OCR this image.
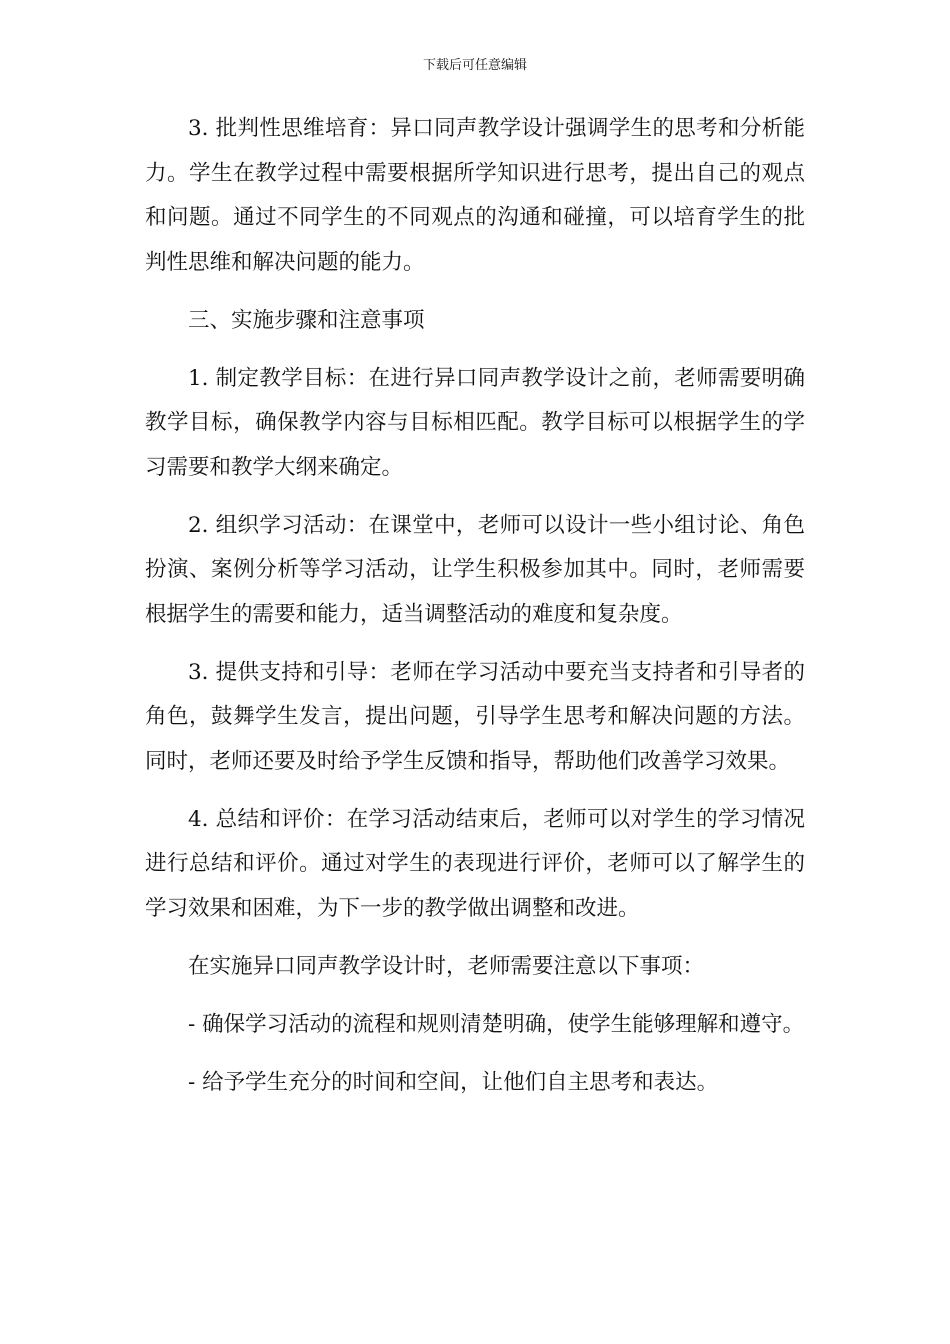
下载后可任意编辑

3. 批判性思维培育：异口同声教学设计强调学生的思考和分析能力。学生在教学过程中需要根据所学知识进行思考，提出自己的观点和问题。通过不同学生的不同观点的沟通和碰撞，可以培育学生的批判性思维和解决问题的能力。

三、实施步骤和注意事项

1. 制定教学目标：在进行异口同声教学设计之前，老师需要明确教学目标，确保教学内容与目标相匹配。教学目标可以根据学生的学习需要和教学大纲来确定。

2. 组织学习活动：在课堂中，老师可以设计一些小组讨论、角色扮演、案例分析等学习活动，让学生积极参加其中。同时，老师需要根据学生的需要和能力，适当调整活动的难度和复杂度。

3. 提供支持和引导：老师在学习活动中要充当支持者和引导者的角色，鼓舞学生发言，提出问题，引导学生思考和解决问题的方法。同时，老师还要及时给予学生反馈和指导，帮助他们改善学习效果。

4. 总结和评价：在学习活动结束后，老师可以对学生的学习情况进行总结和评价。通过对学生的表现进行评价，老师可以了解学生的学习效果和困难，为下一步的教学做出调整和改进。

在实施异口同声教学设计时，老师需要注意以下事项：

- 确保学习活动的流程和规则清楚明确，使学生能够理解和遵守。

- 给予学生充分的时间和空间，让他们自主思考和表达。
